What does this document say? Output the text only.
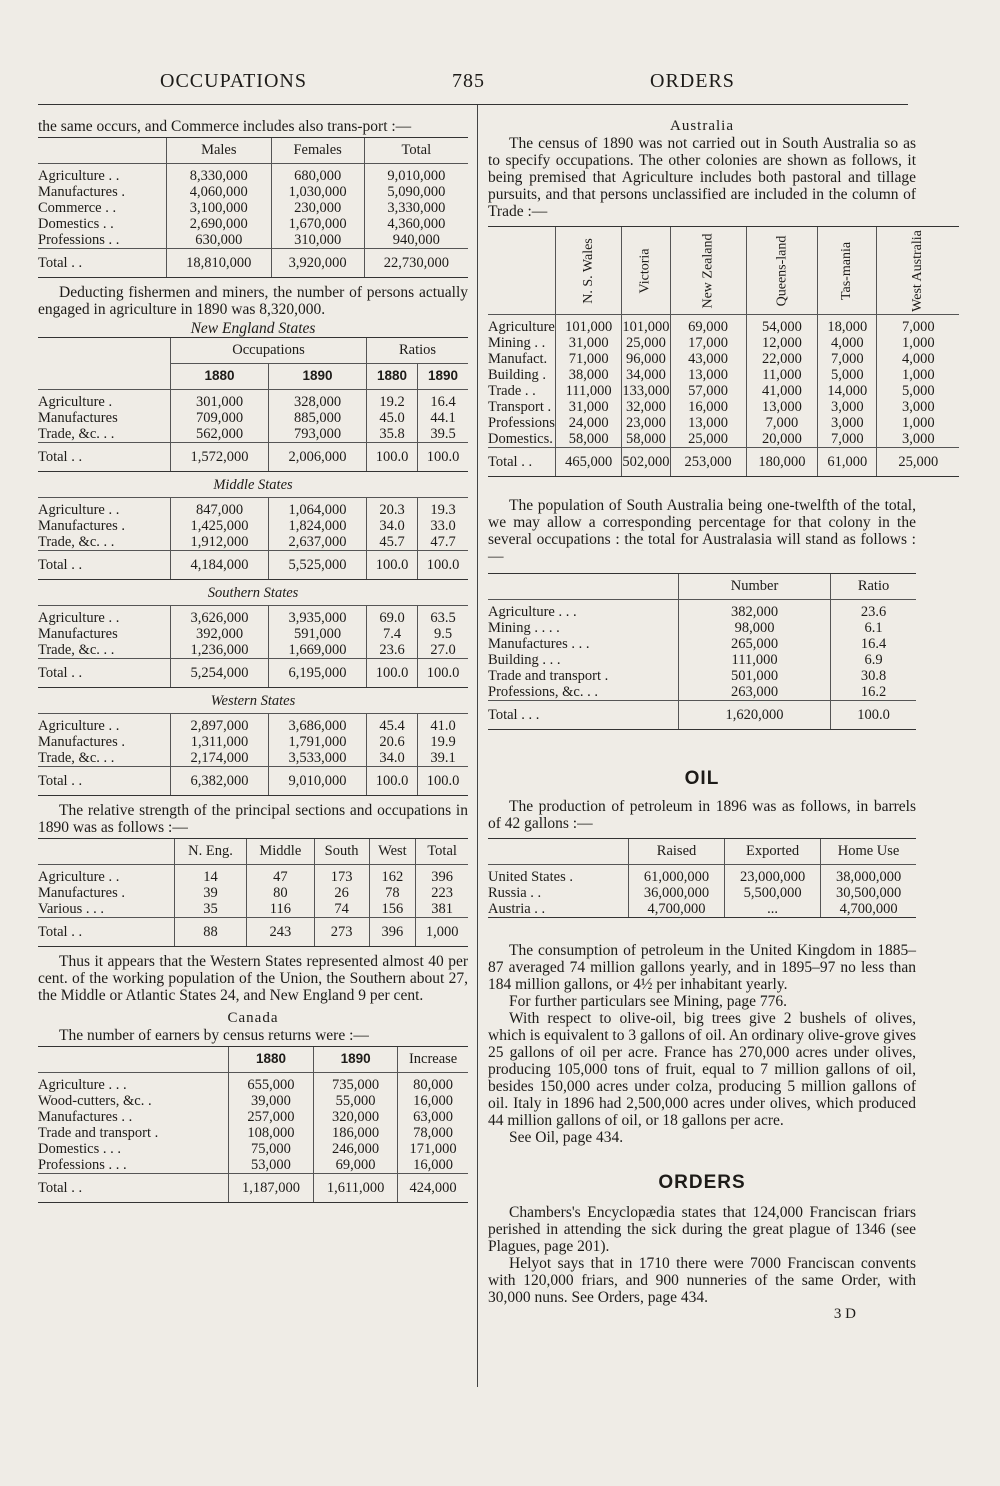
OCCUPATIONS	785	ORDERS

the same occurs, and Commerce includes also trans-port :—

	Males	Females	Total

Agriculture . .	8,330,000	680,000	9,010,000
Manufactures .	4,060,000	1,030,000	5,090,000
Commerce . .	3,100,000	230,000	3,330,000
Domestics . .	2,690,000	1,670,000	4,360,000
Professions . .	630,000	310,000	940,000
Total . .	18,810,000	3,920,000	22,730,000

Deducting fishermen and miners, the number of persons actually engaged in agriculture in 1890 was 8,320,000.

New England States
	Occupations		Ratios	
	1880	1890	1880	1890

Agriculture .	301,000	328,000	19.2	16.4
Manufactures	709,000	885,000	45.0	44.1
Trade, &c. . .	562,000	793,000	35.8	39.5
Total . .	1,572,000	2,006,000	100.0	100.0
Middle States				

Agriculture . .	847,000	1,064,000	20.3	19.3
Manufactures .	1,425,000	1,824,000	34.0	33.0
Trade, &c. . .	1,912,000	2,637,000	45.7	47.7
Total . .	4,184,000	5,525,000	100.0	100.0
Southern States				

Agriculture . .	3,626,000	3,935,000	69.0	63.5
Manufactures	392,000	591,000	7.4	9.5
Trade, &c. . .	1,236,000	1,669,000	23.6	27.0
Total . .	5,254,000	6,195,000	100.0	100.0
Western States				

Agriculture . .	2,897,000	3,686,000	45.4	41.0
Manufactures .	1,311,000	1,791,000	20.6	19.9
Trade, &c. . .	2,174,000	3,533,000	34.0	39.1
Total . .	6,382,000	9,010,000	100.0	100.0

The relative strength of the principal sections and occupations in 1890 was as follows :—

	N. Eng.	Middle	South	West	Total

Agriculture . .	14	47	173	162	396
Manufactures .	39	80	26	78	223
Various . . .	35	116	74	156	381
Total . .	88	243	273	396	1,000

Thus it appears that the Western States represented almost 40 per cent. of the working population of the Union, the Southern about 27, the Middle or Atlantic States 24, and New England 9 per cent.

Canada

The number of earners by census returns were :—

	1880	1890	Increase

Agriculture . . .	655,000	735,000	80,000
Wood-cutters, &c. .	39,000	55,000	16,000
Manufactures . .	257,000	320,000	63,000
Trade and transport .	108,000	186,000	78,000
Domestics . . .	75,000	246,000	171,000
Professions . . .	53,000	69,000	16,000
Total . .	1,187,000	1,611,000	424,000
Australia

The census of 1890 was not carried out in South Australia so as to specify occupations. The other colonies are shown as follows, it being premised that Agriculture includes both pastoral and tillage pursuits, and that persons unclassified are included in the column of Trade :—

	N. S. Wales	Victoria	New Zealand	Queens-land	Tas-mania	West Australia

Agriculture	101,000	101,000	69,000	54,000	18,000	7,000
Mining . .	31,000	25,000	17,000	12,000	4,000	1,000
Manufact.	71,000	96,000	43,000	22,000	7,000	4,000
Building .	38,000	34,000	13,000	11,000	5,000	1,000
Trade . .	111,000	133,000	57,000	41,000	14,000	5,000
Transport .	31,000	32,000	16,000	13,000	3,000	3,000
Professions	24,000	23,000	13,000	7,000	3,000	1,000
Domestics.	58,000	58,000	25,000	20,000	7,000	3,000
Total . .	465,000	502,000	253,000	180,000	61,000	25,000

The population of South Australia being one-twelfth of the total, we may allow a corresponding percentage for that colony in the several occupations : the total for Australasia will stand as follows :—

	Number	Ratio

Agriculture . . .	382,000	23.6
Mining . . . .	98,000	6.1
Manufactures . . .	265,000	16.4
Building . . .	111,000	6.9
Trade and transport .	501,000	30.8
Professions, &c. . .	263,000	16.2
Total . . .	1,620,000	100.0
OIL

The production of petroleum in 1896 was as follows, in barrels of 42 gallons :—

	Raised	Exported	Home Use

United States .	61,000,000	23,000,000	38,000,000
Russia . .	36,000,000	5,500,000	30,500,000
Austria . .	4,700,000	...	4,700,000

The consumption of petroleum in the United Kingdom in 1885–87 averaged 74 million gallons yearly, and in 1895–97 no less than 184 million gallons, or 4½ per inhabitant yearly.

For further particulars see Mining, page 776.

With respect to olive-oil, big trees give 2 bushels of olives, which is equivalent to 3 gallons of oil. An ordinary olive-grove gives 25 gallons of oil per acre. France has 270,000 acres under olives, producing 105,000 tons of fruit, equal to 7 million gallons of oil, besides 150,000 acres under colza, producing 5 million gallons of oil. Italy in 1896 had 2,500,000 acres under olives, which produced 44 million gallons of oil, or 18 gallons per acre.

See Oil, page 434.

ORDERS

Chambers's Encyclopædia states that 124,000 Franciscan friars perished in attending the sick during the great plague of 1346 (see Plagues, page 201).

Helyot says that in 1710 there were 7000 Franciscan convents with 120,000 friars, and 900 nunneries of the same Order, with 30,000 nuns. See Orders, page 434.

3 D
